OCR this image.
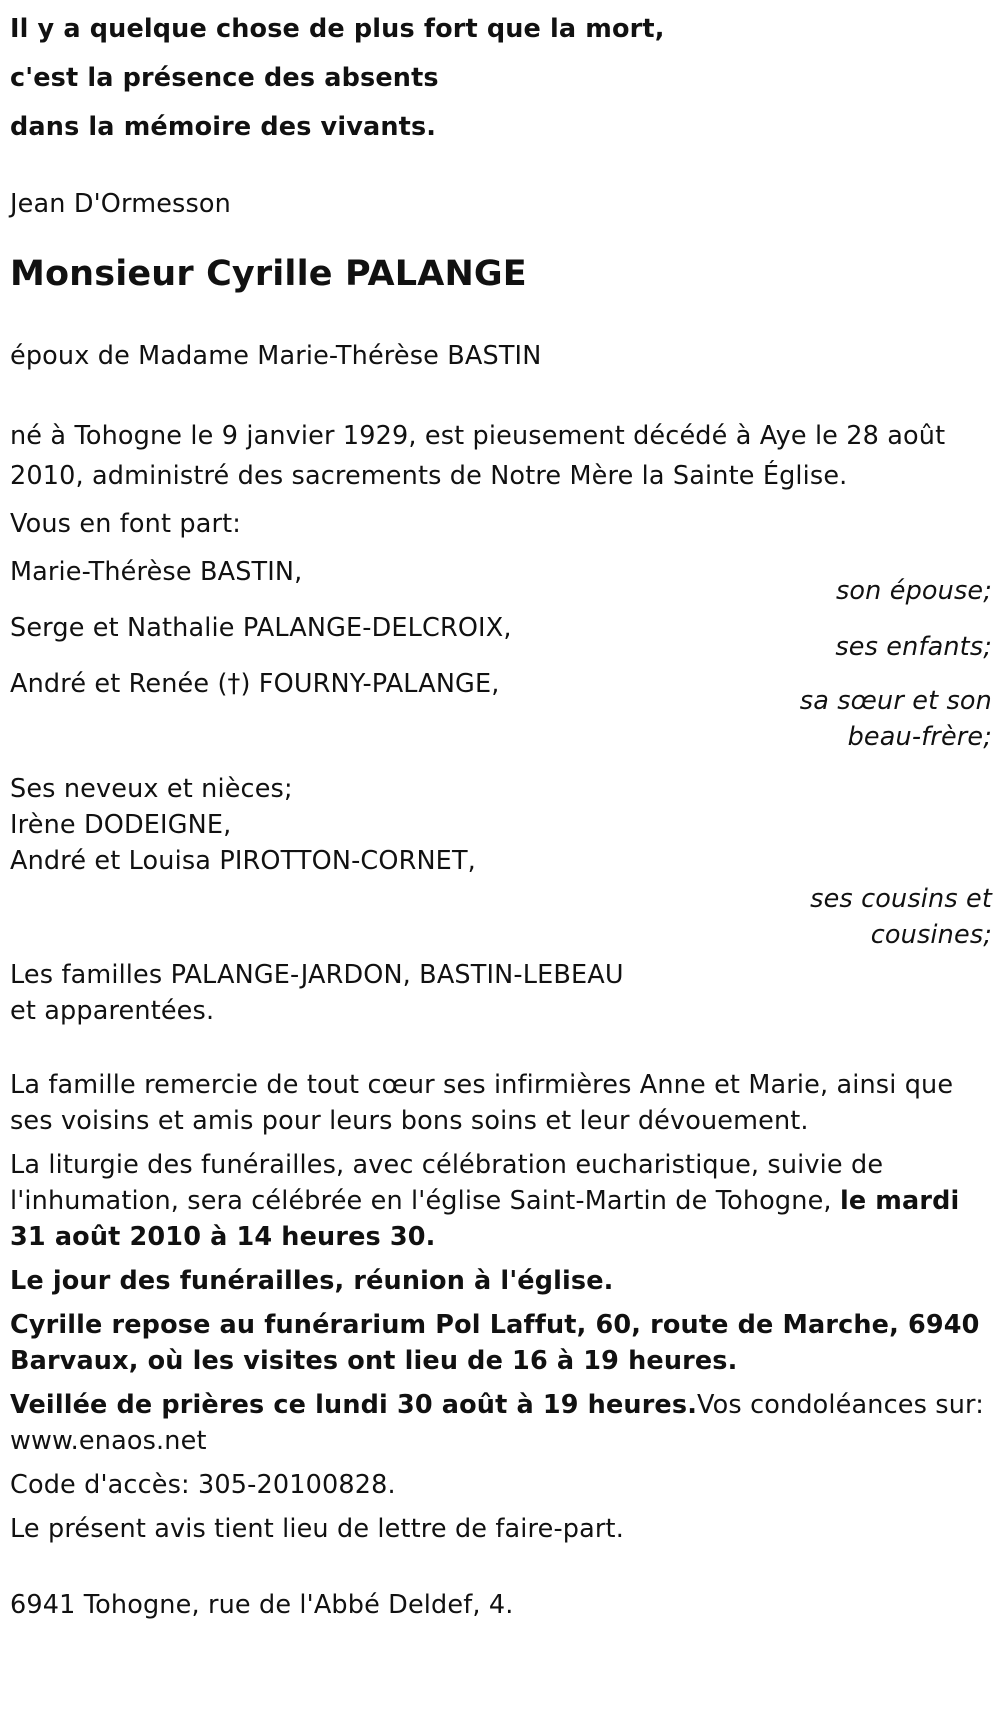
Il y a quelque chose de plus fort que la mort,
c'est la présence des absents
dans la mémoire des vivants.
Jean D'Ormesson
Monsieur Cyrille PALANGE
époux de Madame Marie-Thérèse BASTIN
né à Tohogne le 9 janvier 1929, est pieusement décédé à Aye le 28 août 2010, administré des sacrements de Notre Mère la Sainte Église.
Vous en font part:
Marie-Thérèse BASTIN,
son épouse;
Serge et Nathalie PALANGE-DELCROIX,
ses enfants;
André et Renée (†) FOURNY-PALANGE,
sa sœur et son
beau-frère;
Ses neveux et nièces;
Irène DODEIGNE,
André et Louisa PIROTTON-CORNET,
ses cousins et
cousines;
Les familles PALANGE-JARDON, BASTIN-LEBEAU
et apparentées.
La famille remercie de tout cœur ses infirmières Anne et Marie, ainsi que ses voisins et amis pour leurs bons soins et leur dévouement.
La liturgie des funérailles, avec célébration eucharistique, suivie de l'inhumation, sera célébrée en l'église Saint-Martin de Tohogne, le mardi 31 août 2010 à 14 heures 30.
Le jour des funérailles, réunion à l'église.
Cyrille repose au funérarium Pol Laffut, 60, route de Marche, 6940 Barvaux, où les visites ont lieu de 16 à 19 heures.
Veillée de prières ce lundi 30 août à 19 heures.Vos condoléances sur: www.enaos.net
Code d'accès: 305-20100828.
Le présent avis tient lieu de lettre de faire-part.
6941 Tohogne, rue de l'Abbé Deldef, 4.
